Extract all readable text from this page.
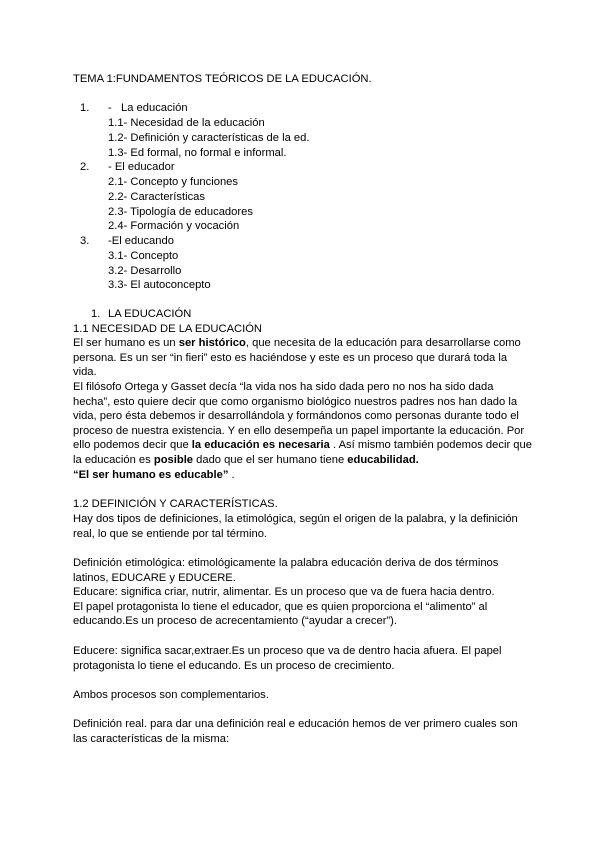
TEMA 1:FUNDAMENTOS TEÓRICOS DE LA EDUCACIÓN.
1. - La educación
1.1- Necesidad de la educación
1.2- Definición y características de la ed.
1.3- Ed formal, no formal e informal.
2. - El educador
2.1- Concepto y funciones
2.2- Características
2.3- Tipología de educadores
2.4- Formación y vocación
3. -El educando
3.1- Concepto
3.2- Desarrollo
3.3- El autoconcepto
1. LA EDUCACIÓN
1.1 NECESIDAD DE LA EDUCACIÓN

El ser humano es un ser histórico, que necesita de la educación para desarrollarse como persona. Es un ser “in fieri” esto es haciéndose y este es un proceso que durará toda la vida.

El filósofo Ortega y Gasset decía “la vida nos ha sido dada pero no nos ha sido dada hecha”, esto quiere decir que como organismo biológico nuestros padres nos han dado la vida, pero ésta debemos ir desarrollándola y formándonos como personas durante todo el proceso de nuestra existencia. Y en ello desempeña un papel importante la educación. Por ello podemos decir que la educación es necesaria . Así mismo también podemos decir que la educación es posible dado que el ser humano tiene educabilidad.

“El ser humano es educable” .
1.2 DEFINICIÓN Y CARACTERÍSTICAS.

Hay dos tipos de definiciones, la etimológica, según el origen de la palabra, y la definición real, lo que se entiende por tal término.

Definición etimológica: etimológicamente la palabra educación deriva de dos términos latinos, EDUCARE y EDUCERE.

Educare: significa criar, nutrir, alimentar. Es un proceso que va de fuera hacia dentro.

El papel protagonista lo tiene el educador, que es quien proporciona el “alimento” al educando.Es un proceso de acrecentamiento (“ayudar a crecer”).

Educere: significa sacar,extraer.Es un proceso que va de dentro hacia afuera. El papel protagonista lo tiene el educando. Es un proceso de crecimiento.

Ambos procesos son complementarios.

Definición real. para dar una definición real e educación hemos de ver primero cuales son las características de la misma:
